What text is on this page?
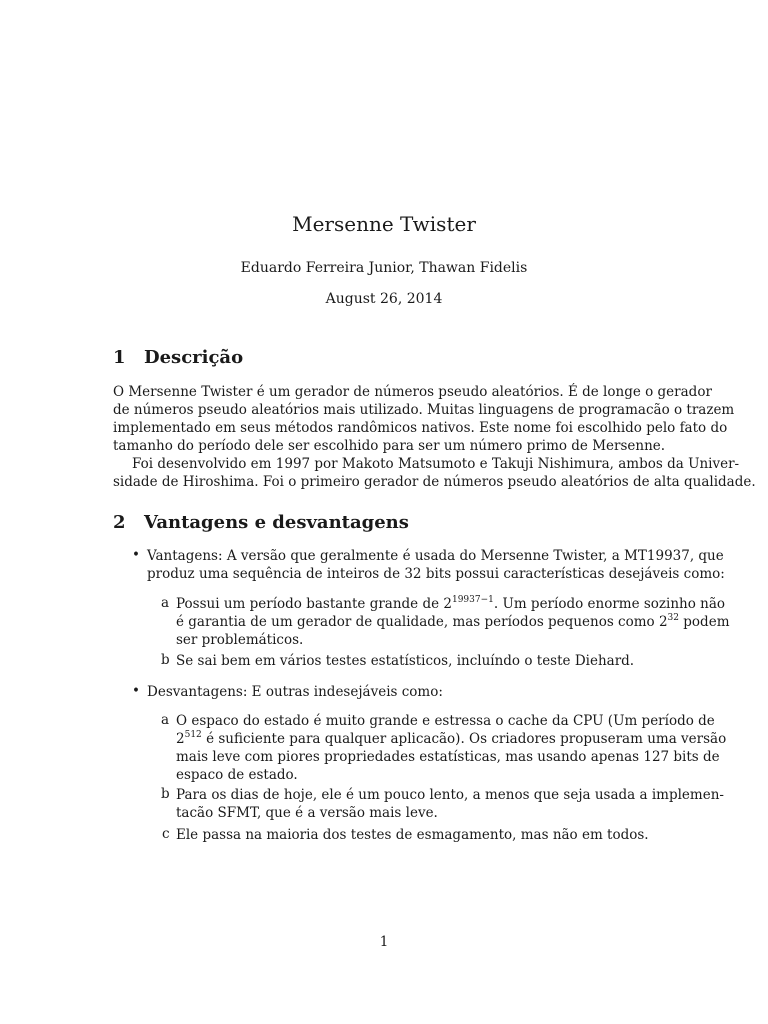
Mersenne Twister
Eduardo Ferreira Junior, Thawan Fidelis
August 26, 2014
1 Descrição
O Mersenne Twister é um gerador de números pseudo aleatórios. É de longe o gerador
de números pseudo aleatórios mais utilizado. Muitas linguagens de programacão o trazem
implementado em seus métodos randômicos nativos. Este nome foi escolhido pelo fato do
tamanho do período dele ser escolhido para ser um número primo de Mersenne.
Foi desenvolvido em 1997 por Makoto Matsumoto e Takuji Nishimura, ambos da Univer-
sidade de Hiroshima. Foi o primeiro gerador de números pseudo aleatórios de alta qualidade.
2 Vantagens e desvantagens
• Vantagens: A versão que geralmente é usada do Mersenne Twister, a MT19937, que
produz uma sequência de inteiros de 32 bits possui características desejáveis como:
a Possui um período bastante grande de $2^{19937-1}$. Um período enorme sozinho não
é garantia de um gerador de qualidade, mas períodos pequenos como $2^{32}$ podem
ser problemáticos.
b Se sai bem em vários testes estatísticos, incluíndo o teste Diehard.
• Desvantagens: E outras indesejáveis como:
a O espaco do estado é muito grande e estressa o cache da CPU (Um período de
$2^{512}$ é suficiente para qualquer aplicacão). Os criadores propuseram uma versão
mais leve com piores propriedades estatísticas, mas usando apenas 127 bits de
espaco de estado.
b Para os dias de hoje, ele é um pouco lento, a menos que seja usada a implemen-
tacão SFMT, que é a versão mais leve.
c Ele passa na maioria dos testes de esmagamento, mas não em todos.
1
